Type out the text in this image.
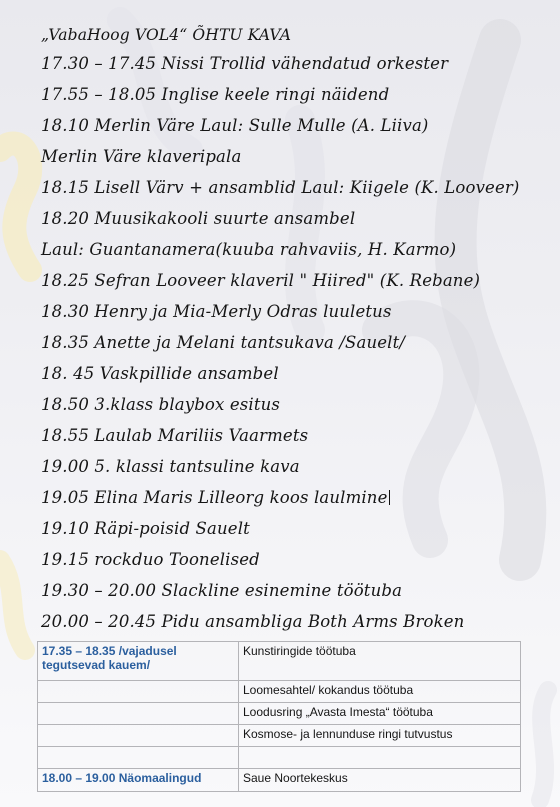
„VabaHoog VOL4“ ÕHTU KAVA
17.30 – 17.45 Nissi Trollid vähendatud orkester
17.55 – 18.05 Inglise keele ringi näidend
18.10 Merlin Väre Laul: Sulle Mulle (A. Liiva)
Merlin Väre klaveripala
18.15 Lisell Värv + ansamblid Laul: Kiigele (K. Looveer)
18.20 Muusikakooli suurte ansambel
Laul: Guantanamera(kuuba rahvaviis, H. Karmo)
18.25 Sefran Looveer klaveril " Hiired" (K. Rebane)
18.30 Henry ja Mia-Merly Odras luuletus
18.35 Anette ja Melani tantsukava /Sauelt/
18. 45 Vaskpillide ansambel
18.50 3.klass blaybox esitus
18.55 Laulab Mariliis Vaarmets
19.00 5. klassi tantsuline kava
19.05 Elina Maris Lilleorg koos laulmine
19.10 Räpi-poisid Sauelt
19.15 rockduo Toonelised
19.30 – 20.00 Slackline esinemine töötuba
20.00 – 20.45 Pidu ansambliga Both Arms Broken
17.35 – 18.35 /vajadusel tegutsevad kauem/	Kunstiringide töötuba
	Loomesahtel/ kokandus töötuba
	Loodusring „Avasta Imesta“ töötuba
	Kosmose- ja lennunduse ringi tutvustus

18.00 – 19.00 Näomaalingud	Saue Noortekeskus
